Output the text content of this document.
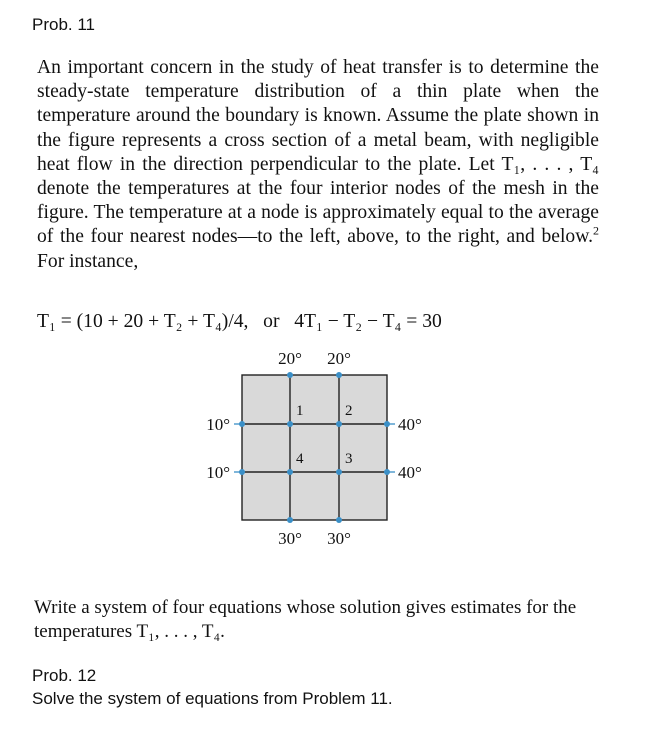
Prob. 11
An important concern in the study of heat transfer is to determine the steady-state temperature distribution of a thin plate when the temperature around the boundary is known. Assume the plate shown in the figure represents a cross section of a metal beam, with negligible heat flow in the direction perpendicular to the plate. Let T₁, . . . , T₄ denote the temperatures at the four interior nodes of the mesh in the figure. The temperature at a node is approximately equal to the average of the four nearest nodes—to the left, above, to the right, and below.$^2$ For instance,
T₁ = (10 + 20 + T₂ + T₄)/4, or 4T₁ − T₂ − T₄ = 30
1	2
3
4
20° 20°
10°
10°
40°
40°
30° 30°
Write a system of four equations whose solution gives estimates for the temperatures T₁, . . . , T₄.
Prob. 12
Solve the system of equations from Problem 11.
